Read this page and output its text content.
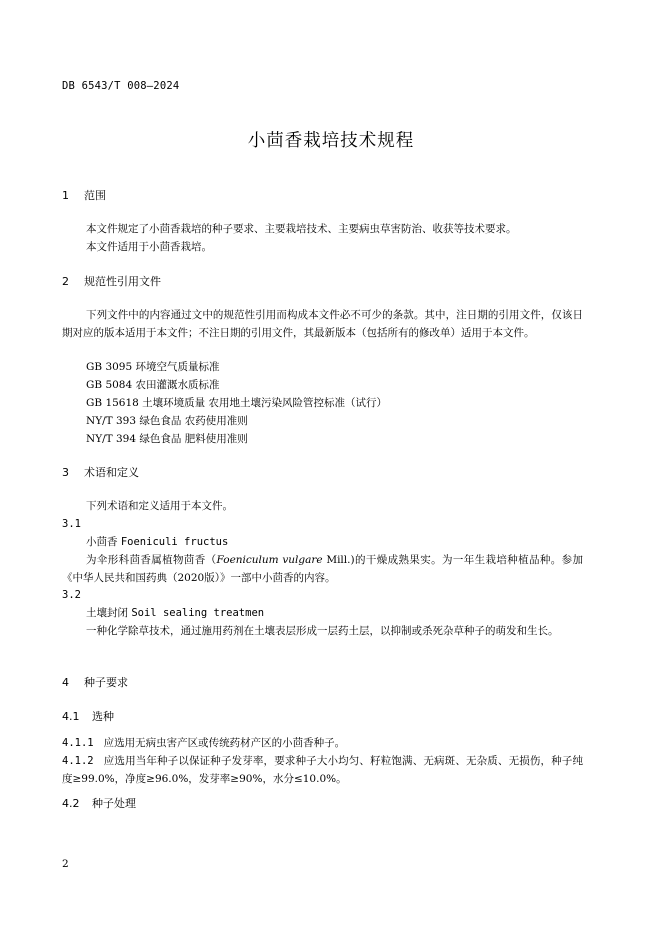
DB 6543/T 008—2024
小茴香栽培技术规程
1 范围

本文件规定了小茴香栽培的种子要求、主要栽培技术、主要病虫草害防治、收获等技术要求。

本文件适用于小茴香栽培。

2 规范性引用文件

下列文件中的内容通过文中的规范性引用而构成本文件必不可少的条款。其中，注日期的引用文件，仅该日期对应的版本适用于本文件；不注日期的引用文件，其最新版本（包括所有的修改单）适用于本文件。

GB 3095 环境空气质量标准
GB 5084 农田灌溉水质标准
GB 15618 土壤环境质量 农用地土壤污染风险管控标准（试行）
NY/T 393 绿色食品 农药使用准则
NY/T 394 绿色食品 肥料使用准则
3 术语和定义

下列术语和定义适用于本文件。

3.1
小茴香 Foeniculi fructus

为伞形科茴香属植物茴香（Foeniculum vulgare Mill.)的干燥成熟果实。为一年生栽培种植品种。参加《中华人民共和国药典（2020版）》一部中小茴香的内容。

3.2
土壤封闭 Soil sealing treatmen

一种化学除草技术，通过施用药剂在土壤表层形成一层药土层，以抑制或杀死杂草种子的萌发和生长。

4 种子要求
4.1 选种

4.1.1 应选用无病虫害产区或传统药材产区的小茴香种子。

4.1.2 应选用当年种子以保证种子发芽率，要求种子大小均匀、籽粒饱满、无病斑、无杂质、无损伤，种子纯度≥99.0%，净度≥96.0%，发芽率≥90%，水分≤10.0%。

4.2 种子处理
2
